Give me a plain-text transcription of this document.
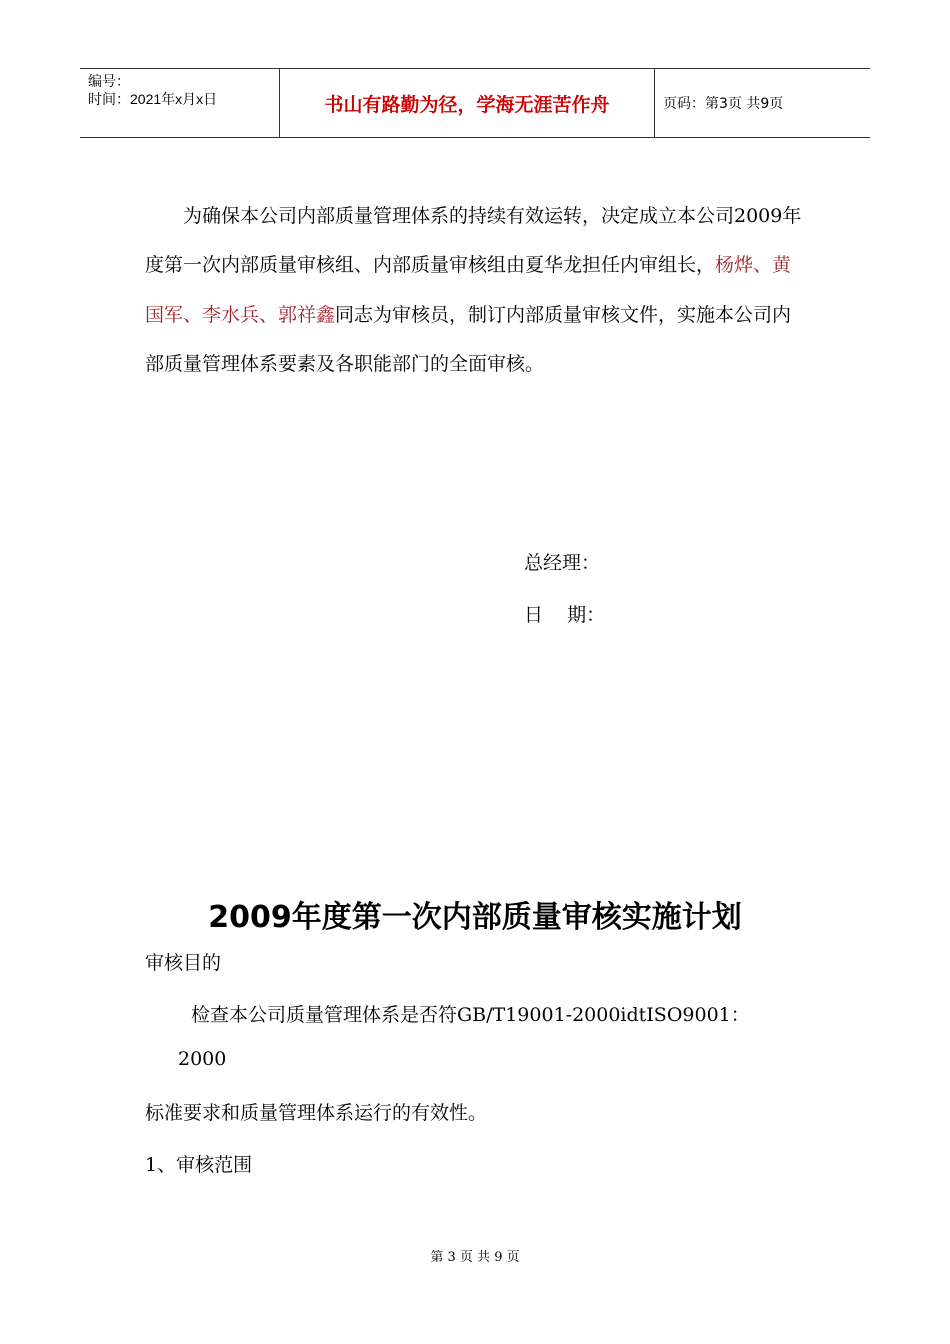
编号：
时间：2021年x月x日	书山有路勤为径，学海无涯苦作舟	页码：第3页 共9页
为确保本公司内部质量管理体系的持续有效运转，决定成立本公司2009年度第一次内部质量审核组、内部质量审核组由夏华龙担任内审组长，杨烨、黄国军、李水兵、郭祥鑫同志为审核员，制订内部质量审核文件，实施本公司内部质量管理体系要素及各职能部门的全面审核。
总经理：
日    期：
2009年度第一次内部质量审核实施计划
审核目的
检查本公司质量管理体系是否符GB/T19001-2000idtISO9001：
2000
标准要求和质量管理体系运行的有效性。
1、审核范围
第 3 页 共 9 页
